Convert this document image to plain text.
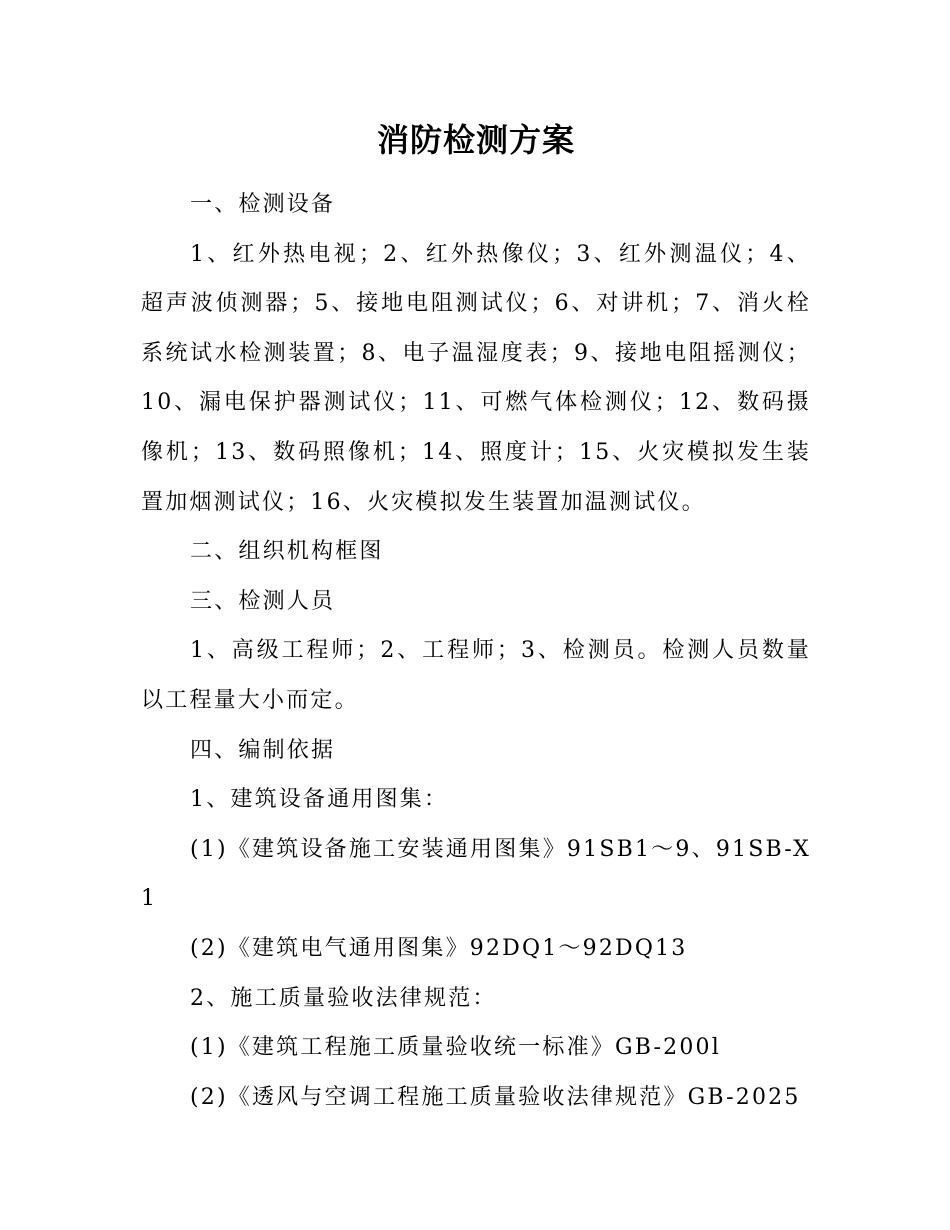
消防检测方案

一、检测设备

1、红外热电视；2、红外热像仪；3、红外测温仪；4、超声波侦测器；5、接地电阻测试仪；6、对讲机；7、消火栓系统试水检测装置；8、电子温湿度表；9、接地电阻摇测仪；10、漏电保护器测试仪；11、可燃气体检测仪；12、数码摄像机；13、数码照像机；14、照度计；15、火灾模拟发生装置加烟测试仪；16、火灾模拟发生装置加温测试仪。

二、组织机构框图

三、检测人员

1、高级工程师；2、工程师；3、检测员。检测人员数量以工程量大小而定。

四、编制依据

1、建筑设备通用图集：

(1)《建筑设备施工安装通用图集》91SB1～9、91SB-X1

(2)《建筑电气通用图集》92DQ1～92DQ13

2、施工质量验收法律规范：

(1)《建筑工程施工质量验收统一标准》GB-200l

(2)《透风与空调工程施工质量验收法律规范》GB-2025
